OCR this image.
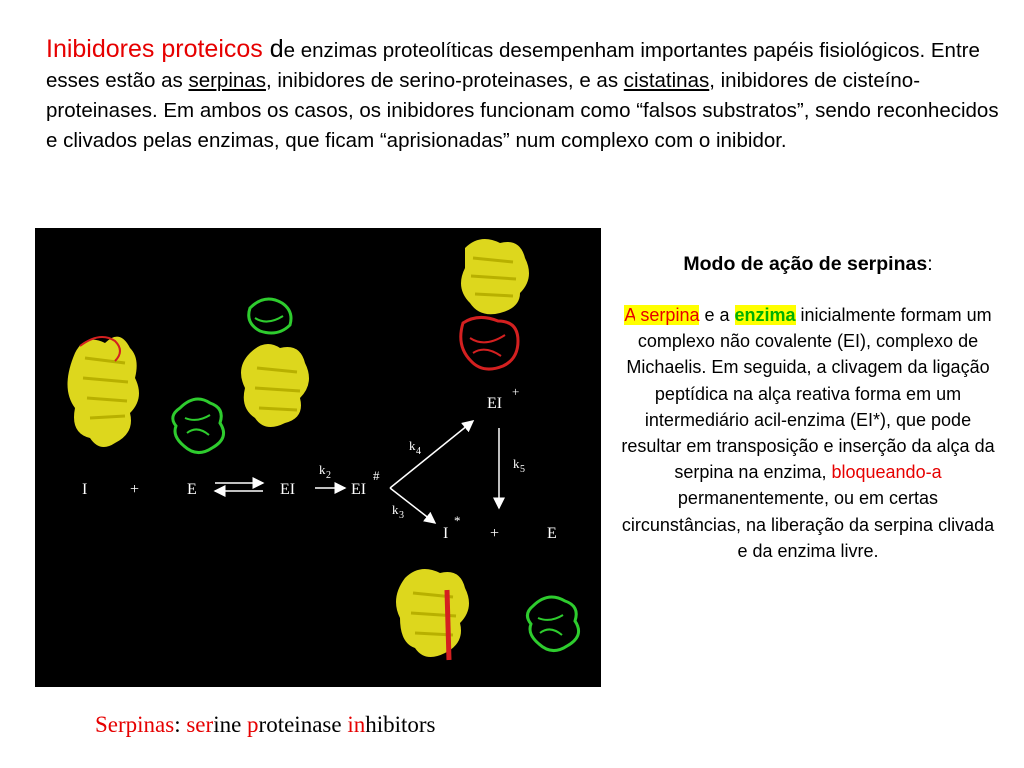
Inibidores proteicos de enzimas proteolíticas desempenham importantes papéis fisiológicos. Entre esses estão as serpinas, inibidores de serino-proteinases, e as cistatinas, inibidores de cisteíno-proteinases. Em ambos os casos, os inibidores funcionam como “falsos substratos”, sendo reconhecidos e clivados pelas enzimas, que ficam “aprisionadas” num complexo com o inibidor.
I	+	E	EI
k 2
EI
#
k 4
k 3
EI
+
k 5
I
*
+	E
Modo de ação de serpinas:
A serpina e a enzima inicialmente formam um complexo não covalente (EI), complexo de Michaelis. Em seguida, a clivagem da ligação peptídica na alça reativa forma em um intermediário acil-enzima (EI*), que pode resultar em transposição e inserção da alça da serpina na enzima, bloqueando-a permanentemente, ou em certas circunstâncias, na liberação da serpina clivada e da enzima livre.
Serpinas: serine proteinase inhibitors
